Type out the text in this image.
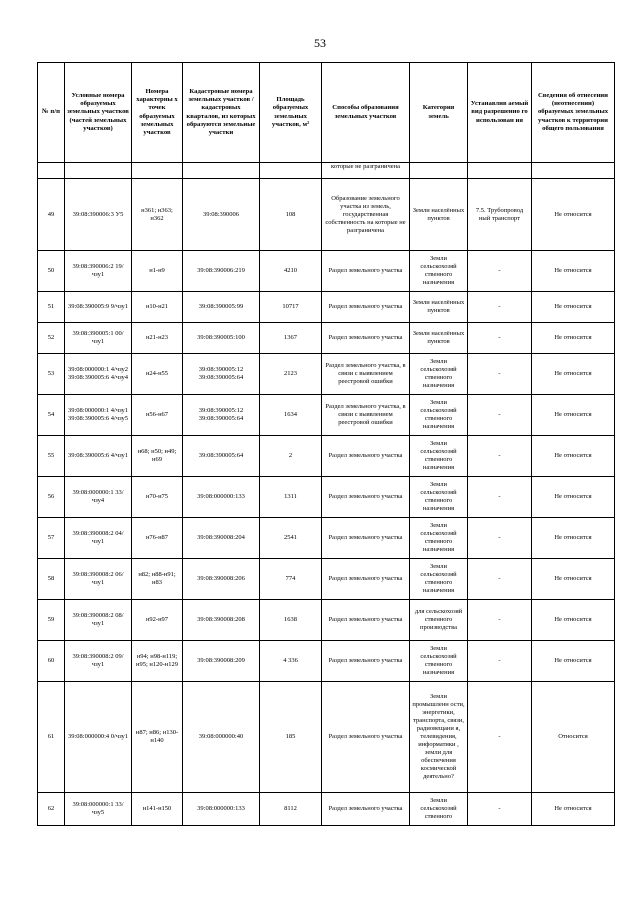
53
№ п/п	Условные номера образуемых земельных участков (частей земельных участков)	Номера характерны х точек образуемых земельных участков	Кадастровые номера земельных участков / кадастровых кварталов, из которых образуются земельные участки	Площадь образуемых земельных участков, м²	Способы образования земельных участков	Категория земель	Устанавлив аемый вид разрешенно го использован ия	Сведения об отнесении (неотнесении) образуемых земельных участков к территории общего пользования
					которые не разграничена			
49	39:08:390006:3 У5	н361; н363; н362	39:08:390006	108	Образование земельного участка из земель, государственная собственность на которые не разграничена	Земли населённых пунктов	7.5. Трубопровод ный транспорт	Не относится
50	39:08:390006:2 19/чзу1	н1-н9	39:08:390006:219	4210	Раздел земельного участка	Земли сельскохозяй ственного назначения	-	Не относится
51	39:08:390005:9 9/чзу1	н10-н21	39:08:390005:99	10717	Раздел земельного участка	Земли населённых пунктов	-	Не относится
52	39:08:390005:1 00/чзу1	н21-н23	39:08:390005:100	1367	Раздел земельного участка	Земли населённых пунктов	-	Не относится
53	39:08:000000:1 4/чзу2 39:08:390005:6 4/чзу4	н24-н55	39:08:390005:12 39:08:390005:64	2123	Раздел земельного участка, в связи с выявлением реестровой ошибки	Земли сельскохозяй ственного назначения	-	Не относится
54	39:08:000000:1 4/чзу1 39:08:390005:6 4/чзу5	н56-н67	39:08:390005:12 39:08:390005:64	1634	Раздел земельного участка, в связи с выявлением реестровой ошибки	Земли сельскохозяй ственного назначения	-	Не относится
55	39:08:390005:6 4/чзу1	н68; н50; н49; н69	39:08:390005:64	2	Раздел земельного участка	Земли сельскохозяй ственного назначения	-	Не относится
56	39:08:000000:1 33/чзу4	н70-н75	39:08:000000:133	1311	Раздел земельного участка	Земли сельскохозяй ственного назначения	-	Не относится
57	39:08:390008:2 04/чзу1	н76-н87	39:08:390008:204	2541	Раздел земельного участка	Земли сельскохозяй ственного назначения	-	Не относится
58	39:08:390008:2 06/чзу1	н82; н88-н91; н83	39:08:390008:206	774	Раздел земельного участка	Земли сельскохозяй ственного назначения	-	Не относится
59	39:08:390008:2 08/чзу1	н92-н97	39:08:390008:208	1638	Раздел земельного участка	для сельскохозяй ственного производства	-	Не относится
60	39:08:390008:2 09/чзу1	н94; н98-н119; н95; н120-н129	39:08:390008:209	4 336	Раздел земельного участка	Земли сельскохозяй ственного назначения	-	Не относится
61	39:08:000000:4 0/чзу1	н87; н86; н130-н140	39:08:000000:40	185	Раздел земельного участка	Земли промышленн ости, энергетики, транспорта, связи, радиовещани я, телевидения, информатики , земли для обеспечения космической деятельно?	-	Относится
62	39:08:000000:1 33/чзу5	н141-н150	39:08:000000:133	8112	Раздел земельного участка	Земли сельскохозяй ственного	-	Не относится
